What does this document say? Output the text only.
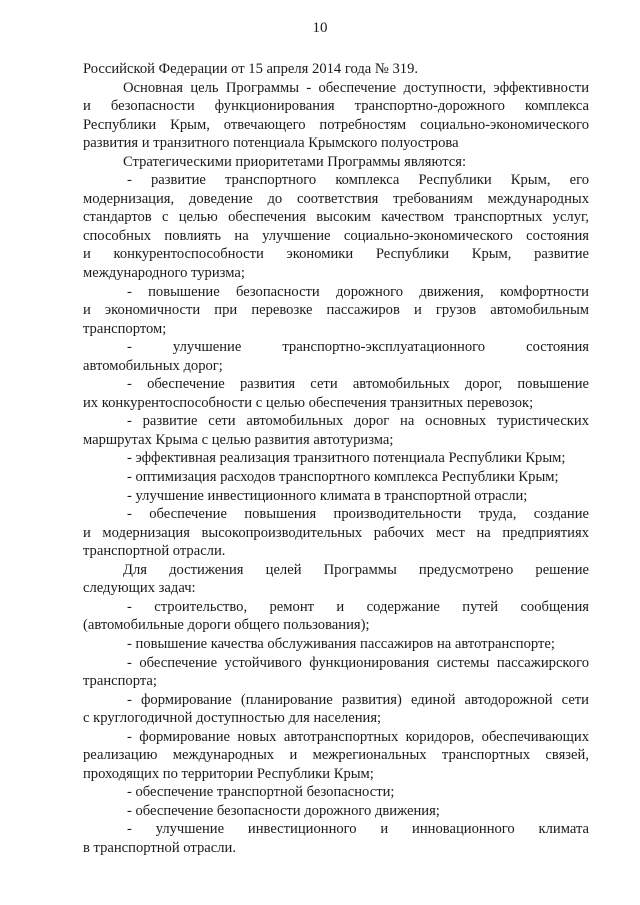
10
Российской Федерации от 15 апреля 2014 года № 319.
Основная цель Программы - обеспечение доступности, эффективности
и безопасности функционирования транспортно-дорожного комплекса
Республики Крым, отвечающего потребностям социально-экономического
развития и транзитного потенциала Крымского полуострова
Стратегическими приоритетами Программы являются:
- развитие транспортного комплекса Республики Крым, его
модернизация, доведение до соответствия требованиям международных
стандартов с целью обеспечения высоким качеством транспортных услуг,
способных повлиять на улучшение социально-экономического состояния
и конкурентоспособности экономики Республики Крым, развитие
международного туризма;
- повышение безопасности дорожного движения, комфортности
и экономичности при перевозке пассажиров и грузов автомобильным
транспортом;
- улучшение транспортно-эксплуатационного состояния
автомобильных дорог;
- обеспечение развития сети автомобильных дорог, повышение
их конкурентоспособности с целью обеспечения транзитных перевозок;
- развитие сети автомобильных дорог на основных туристических
маршрутах Крыма с целью развития автотуризма;
- эффективная реализация транзитного потенциала Республики Крым;
- оптимизация расходов транспортного комплекса Республики Крым;
- улучшение инвестиционного климата в транспортной отрасли;
- обеспечение повышения производительности труда, создание
и модернизация высокопроизводительных рабочих мест на предприятиях
транспортной отрасли.
Для достижения целей Программы предусмотрено решение
следующих задач:
- строительство, ремонт и содержание путей сообщения
(автомобильные дороги общего пользования);
- повышение качества обслуживания пассажиров на автотранспорте;
- обеспечение устойчивого функционирования системы пассажирского
транспорта;
- формирование (планирование развития) единой автодорожной сети
с круглогодичной доступностью для населения;
- формирование новых автотранспортных коридоров, обеспечивающих
реализацию международных и межрегиональных транспортных связей,
проходящих по территории Республики Крым;
- обеспечение транспортной безопасности;
- обеспечение безопасности дорожного движения;
- улучшение инвестиционного и инновационного климата
в транспортной отрасли.
